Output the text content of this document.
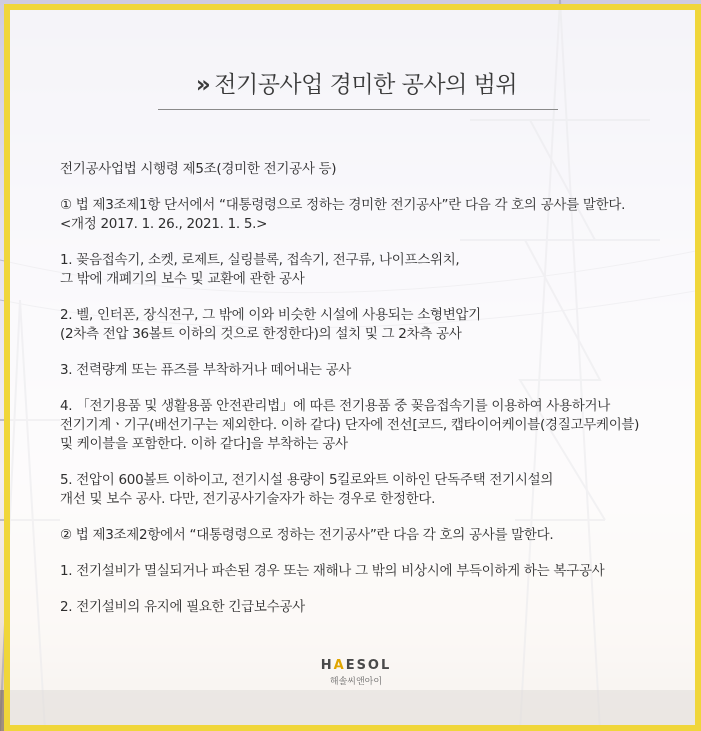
» 전기공사업 경미한 공사의 범위

전기공사업법 시행령 제5조(경미한 전기공사 등)

① 법 제3조제1항 단서에서 “대통령령으로 정하는 경미한 전기공사”란 다음 각 호의 공사를 말한다.
<개정 2017. 1. 26., 2021. 1. 5.>

1. 꽂음접속기, 소켓, 로제트, 실링블록, 접속기, 전구류, 나이프스위치,
그 밖에 개폐기의 보수 및 교환에 관한 공사

2. 벨, 인터폰, 장식전구, 그 밖에 이와 비슷한 시설에 사용되는 소형변압기
(2차측 전압 36볼트 이하의 것으로 한정한다)의 설치 및 그 2차측 공사

3. 전력량계 또는 퓨즈를 부착하거나 떼어내는 공사

4. 「전기용품 및 생활용품 안전관리법」에 따른 전기용품 중 꽂음접속기를 이용하여 사용하거나
전기기계ㆍ기구(배선기구는 제외한다. 이하 같다) 단자에 전선[코드, 캡타이어케이블(경질고무케이블)
및 케이블을 포함한다. 이하 같다]을 부착하는 공사

5. 전압이 600볼트 이하이고, 전기시설 용량이 5킬로와트 이하인 단독주택 전기시설의
개선 및 보수 공사. 다만, 전기공사기술자가 하는 경우로 한정한다.

② 법 제3조제2항에서 “대통령령으로 정하는 전기공사”란 다음 각 호의 공사를 말한다.

1. 전기설비가 멸실되거나 파손된 경우 또는 재해나 그 밖의 비상시에 부득이하게 하는 복구공사

2. 전기설비의 유지에 필요한 긴급보수공사

HAESOL
해솔씨앤아이
